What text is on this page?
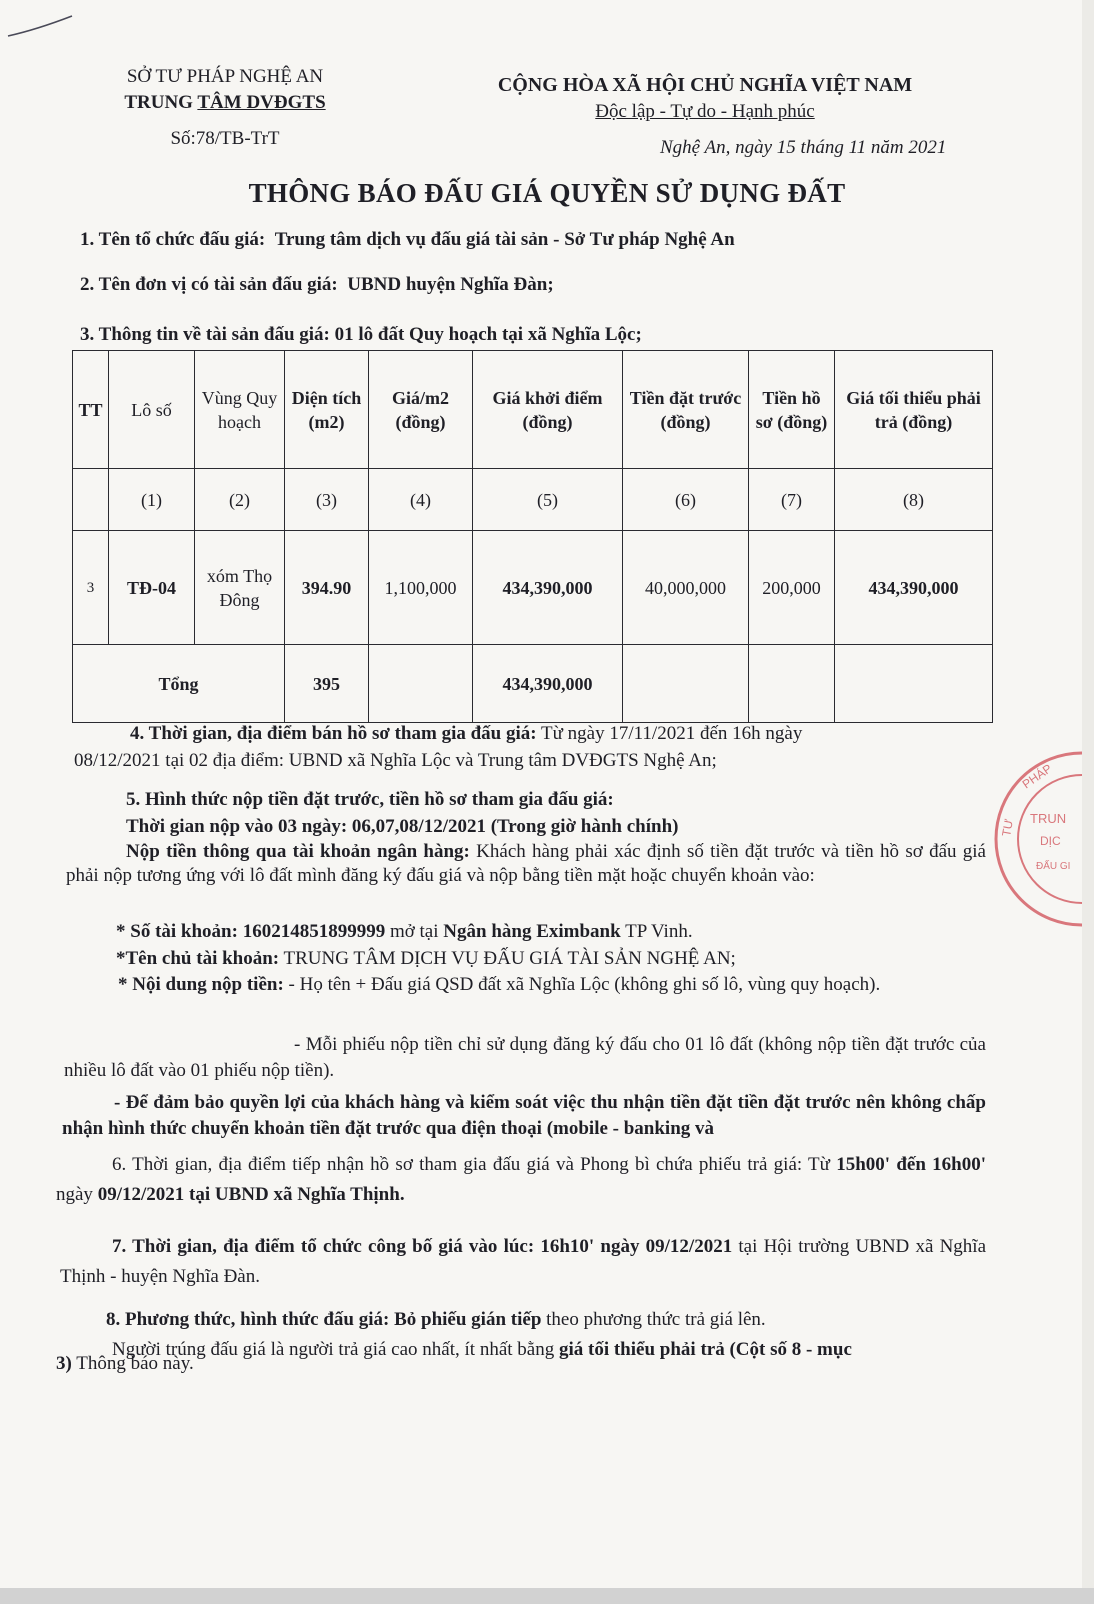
SỞ TƯ PHÁP NGHỆ AN
TRUNG TÂM DVĐGTS
Số:78/TB-TrT
CỘNG HÒA XÃ HỘI CHỦ NGHĨA VIỆT NAM
Độc lập - Tự do - Hạnh phúc
Nghệ An, ngày 15 tháng 11 năm 2021
THÔNG BÁO ĐẤU GIÁ QUYỀN SỬ DỤNG ĐẤT
1. Tên tổ chức đấu giá: Trung tâm dịch vụ đấu giá tài sản - Sở Tư pháp Nghệ An
2. Tên đơn vị có tài sản đấu giá: UBND huyện Nghĩa Đàn;
3. Thông tin về tài sản đấu giá: 01 lô đất Quy hoạch tại xã Nghĩa Lộc;
TT	Lô số	Vùng Quy hoạch	Diện tích (m2)	Giá/m2 (đồng)	Giá khởi điểm (đồng)	Tiền đặt trước (đồng)	Tiền hồ sơ (đồng)	Giá tối thiểu phải trả (đồng)
	(1)	(2)	(3)	(4)	(5)	(6)	(7)	(8)
3	TĐ-04	xóm Thọ Đông	394.90	1,100,000	434,390,000	40,000,000	200,000	434,390,000
Tổng			395		434,390,000			
4. Thời gian, địa điểm bán hồ sơ tham gia đấu giá: Từ ngày 17/11/2021 đến 16h ngày
08/12/2021 tại 02 địa điểm: UBND xã Nghĩa Lộc và Trung tâm DVĐGTS Nghệ An;
5. Hình thức nộp tiền đặt trước, tiền hồ sơ tham gia đấu giá:
Thời gian nộp vào 03 ngày: 06,07,08/12/2021 (Trong giờ hành chính)
Nộp tiền thông qua tài khoản ngân hàng: Khách hàng phải xác định số tiền đặt trước và tiền hồ sơ đấu giá phải nộp tương ứng với lô đất mình đăng ký đấu giá và nộp bằng tiền mặt hoặc chuyển khoản vào:
* Số tài khoản: 160214851899999 mở tại Ngân hàng Eximbank TP Vinh.
*Tên chủ tài khoản: TRUNG TÂM DỊCH VỤ ĐẤU GIÁ TÀI SẢN NGHỆ AN;
* Nội dung nộp tiền: - Họ tên + Đấu giá QSD đất xã Nghĩa Lộc (không ghi số lô, vùng quy hoạch).
- Mỗi phiếu nộp tiền chỉ sử dụng đăng ký đấu cho 01 lô đất (không nộp tiền đặt trước của nhiều lô đất vào 01 phiếu nộp tiền).
- Để đảm bảo quyền lợi của khách hàng và kiểm soát việc thu nhận tiền đặt tiền đặt trước nên không chấp nhận hình thức chuyển khoản tiền đặt trước qua điện thoại (mobile - banking và
6. Thời gian, địa điểm tiếp nhận hồ sơ tham gia đấu giá và Phong bì chứa phiếu trả giá: Từ 15h00' đến 16h00' ngày 09/12/2021 tại UBND xã Nghĩa Thịnh.
7. Thời gian, địa điểm tổ chức công bố giá vào lúc: 16h10' ngày 09/12/2021 tại Hội trường UBND xã Nghĩa Thịnh - huyện Nghĩa Đàn.
8. Phương thức, hình thức đấu giá: Bỏ phiếu gián tiếp theo phương thức trả giá lên.
Người trúng đấu giá là người trả giá cao nhất, ít nhất bằng giá tối thiểu phải trả (Cột số 8 - mục
3) Thông báo này.
PHÁP
TƯ TRUN
DỊC
ĐẤU GI
